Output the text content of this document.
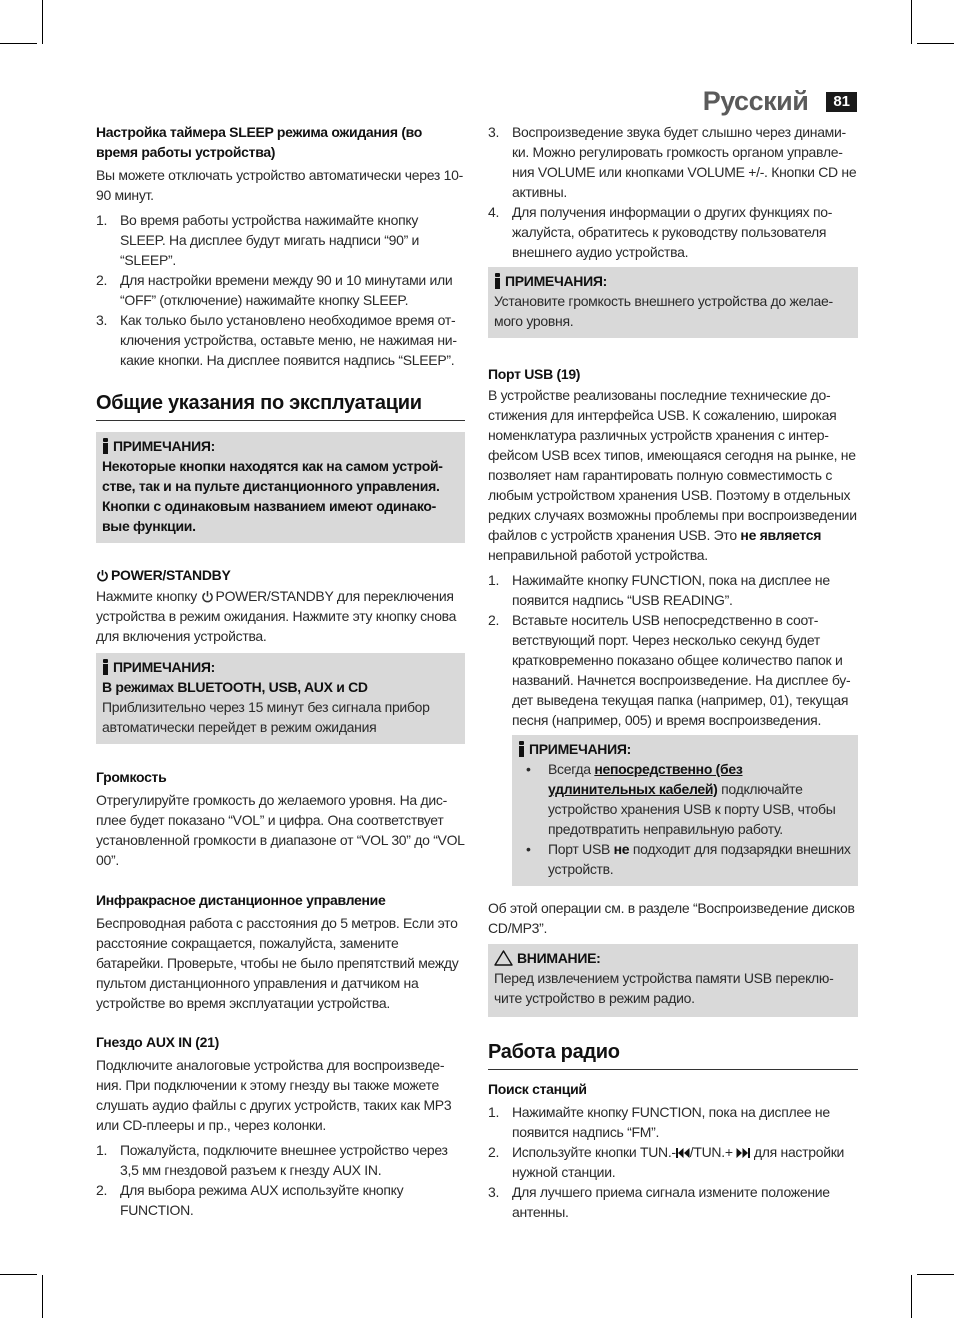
Русский	81

Настройка таймера SLEEP режима ожидания (во время работы устройства)

Вы можете отключать устройство автоматически через 10- 90 минут.

1. Во время работы устройства нажимайте кнопку SLEEP. На дисплее будут мигать надписи “90” и “SLEEP”.
2. Для настройки времени между 90 и 10 минутами или “OFF” (отключение) нажимайте кнопку SLEEP.
3. Как только было установлено необходимое время отключения устройства, оставьте меню, не нажимая никакие кнопки. На дисплее появится надпись “SLEEP”.
Общие указания по эксплуатации
ПРИМЕЧАНИЯ:

Некоторые кнопки находятся как на самом устройстве, так и на пульте дистанционного управления. Кнопки с одинаковым названием имеют одинаковые функции.

POWER/STANDBY

Нажмите кнопку POWER/STANDBY для переключения устройства в режим ожидания. Нажмите эту кнопку снова для включения устройства.

ПРИМЕЧАНИЯ:

В режимах BLUETOOTH, USB, AUX и CD

Приблизительно через 15 минут без сигнала прибор автоматически перейдет в режим ожидания

Громкость

Отрегулируйте громкость до желаемого уровня. На дисплее будет показано “VOL” и цифра. Она соответствует установленной громкости в диапазоне от “VOL 30” до “VOL 00”.

Инфракрасное дистанционное управление

Беспроводная работа с расстояния до 5 метров. Если это расстояние сокращается, пожалуйста, замените батарейки. Проверьте, чтобы не было препятствий между пультом дистанционного управления и датчиком на устройстве во время эксплуатации устройства.

Гнездо AUX IN (21)

Подключите аналоговые устройства для воспроизведения. При подключении к этому гнезду вы также можете слушать аудио файлы с других устройств, таких как MP3 или CD-плееры и пр., через колонки.

1. Пожалуйста, подключите внешнее устройство через 3,5 мм гнездовой разъем к гнезду AUX IN.
2. Для выбора режима AUX используйте кнопку FUNCTION.
3. Воспроизведение звука будет слышно через динамики. Можно регулировать громкость органом управления VOLUME или кнопками VOLUME +/-. Кнопки CD не активны.
4. Для получения информации о других функциях пожалуйста, обратитесь к руководству пользователя внешнего аудио устройства.
ПРИМЕЧАНИЯ:

Установите громкость внешнего устройства до желаемого уровня.

Порт USB (19)

В устройстве реализованы последние технические достижения для интерфейса USB. К сожалению, широкая номенклатура различных устройств хранения с интерфейсом USB всех типов, имеющаяся сегодня на рынке, не позволяет нам гарантировать полную совместимость с любым устройством хранения USB. Поэтому в отдельных редких случаях возможны проблемы при воспроизведении файлов с устройств хранения USB. Это не является неправильной работой устройства.

1. Нажимайте кнопку FUNCTION, пока на дисплее не появится надпись “USB READING”.
2. Вставьте носитель USB непосредственно в соответствующий порт. Через несколько секунд будет кратковременно показано общее количество папок и названий. Начнется воспроизведение. На дисплее будет выведена текущая папка (например, 01), текущая песня (например, 005) и время воспроизведения.
ПРИМЕЧАНИЯ:
• Всегда непосредственно (без удлинительных кабелей) подключайте устройство хранения USB к порту USB, чтобы предотвратить неправильную работу.
• Порт USB не подходит для подзарядки внешних устройств.

Об этой операции см. в разделе “Воспроизведение дисков CD/MP3”.

ВНИМАНИЕ:

Перед извлечением устройства памяти USB переключите устройство в режим радио.

Работа радио

Поиск станций

1. Нажимайте кнопку FUNCTION, пока на дисплее не появится надпись “FM”.
2. Используйте кнопки TUN.- /TUN.+ для настройки нужной станции.
3. Для лучшего приема сигнала измените положение антенны.
